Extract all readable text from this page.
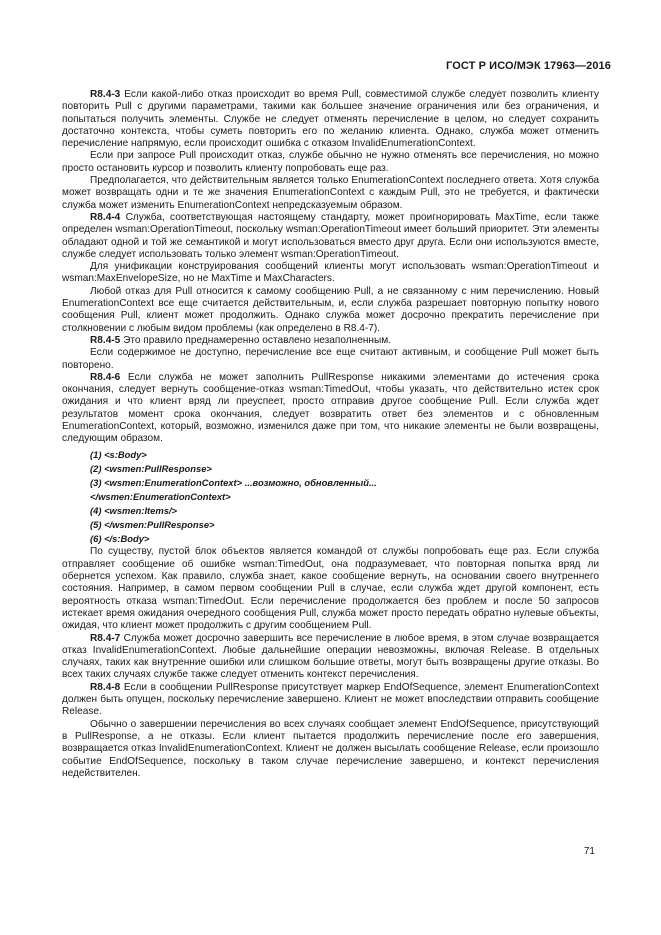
ГОСТ Р ИСО/МЭК 17963—2016

R8.4-3 Если какой-либо отказ происходит во время Pull, совместимой службе следует позволить клиенту повторить Pull с другими параметрами, такими как большее значение ограничения или без ограничения, и попытаться получить элементы. Службе не следует отменять перечисление в целом, но следует сохранить достаточно контекста, чтобы суметь повторить его по желанию клиента. Однако, служба может отменить перечисление напрямую, если происходит ошибка с отказом InvalidEnumerationContext.

Если при запросе Pull происходит отказ, службе обычно не нужно отменять все перечисления, но можно просто остановить курсор и позволить клиенту попробовать еще раз.

Предполагается, что действительным является только EnumerationContext последнего ответа. Хотя служба может возвращать одни и те же значения EnumerationContext с каждым Pull, это не требуется, и фактически служба может изменить EnumerationContext непредсказуемым образом.

R8.4-4 Служба, соответствующая настоящему стандарту, может проигнорировать MaxTime, если также определен wsman:OperationTimeout, поскольку wsman:OperationTimeout имеет больший приоритет. Эти элементы обладают одной и той же семантикой и могут использоваться вместо друг друга. Если они используются вместе, службе следует использовать только элемент wsman:OperationTimeout.

Для унификации конструирования сообщений клиенты могут использовать wsman:OperationTimeout и wsman:MaxEnvelopeSize, но не MaxTime и MaxCharacters.

Любой отказ для Pull относится к самому сообщению Pull, а не связанному с ним перечислению. Новый EnumerationContext все еще считается действительным, и, если служба разрешает повторную попытку нового сообщения Pull, клиент может продолжить. Однако служба может досрочно прекратить перечисление при столкновении с любым видом проблемы (как определено в R8.4-7).

R8.4-5 Это правило преднамеренно оставлено незаполненным.

Если содержимое не доступно, перечисление все еще считают активным, и сообщение Pull может быть повторено.

R8.4-6 Если служба не может заполнить PullResponse никакими элементами до истечения срока окончания, следует вернуть сообщение-отказ wsman:TimedOut, чтобы указать, что действительно истек срок ожидания и что клиент вряд ли преуспеет, просто отправив другое сообщение Pull. Если служба ждет результатов момент срока окончания, следует возвратить ответ без элементов и с обновленным EnumerationContext, который, возможно, изменился даже при том, что никакие элементы не были возвращены, следующим образом.

(1) <s:Body>
(2) <wsmen:PullResponse>
(3) <wsmen:EnumerationContext> ...возможно, обновленный...
</wsmen:EnumerationContext>
(4) <wsmen:Items/>
(5) </wsmen:PullResponse>
(6) </s:Body>

По существу, пустой блок объектов является командой от службы попробовать еще раз. Если служба отправляет сообщение об ошибке wsman:TimedOut, она подразумевает, что повторная попытка вряд ли обернется успехом. Как правило, служба знает, какое сообщение вернуть, на основании своего внутреннего состояния. Например, в самом первом сообщении Pull в случае, если служба ждет другой компонент, есть вероятность отказа wsman:TimedOut. Если перечисление продолжается без проблем и после 50 запросов истекает время ожидания очередного сообщения Pull, служба может просто передать обратно нулевые объекты, ожидая, что клиент может продолжить с другим сообщением Pull.

R8.4-7 Служба может досрочно завершить все перечисление в любое время, в этом случае возвращается отказ InvalidEnumerationContext. Любые дальнейшие операции невозможны, включая Release. В отдельных случаях, таких как внутренние ошибки или слишком большие ответы, могут быть возвращены другие отказы. Во всех таких случаях службе также следует отменить контекст перечисления.

R8.4-8 Если в сообщении PullResponse присутствует маркер EndOfSequence, элемент EnumerationContext должен быть опущен, поскольку перечисление завершено. Клиент не может впоследствии отправить сообщение Release.

Обычно о завершении перечисления во всех случаях сообщает элемент EndOfSequence, присутствующий в PullResponse, а не отказы. Если клиент пытается продолжить перечисление после его завершения, возвращается отказ InvalidEnumerationContext. Клиент не должен высылать сообщение Release, если произошло событие EndOfSequence, поскольку в таком случае перечисление завершено, и контекст перечисления недействителен.

71
